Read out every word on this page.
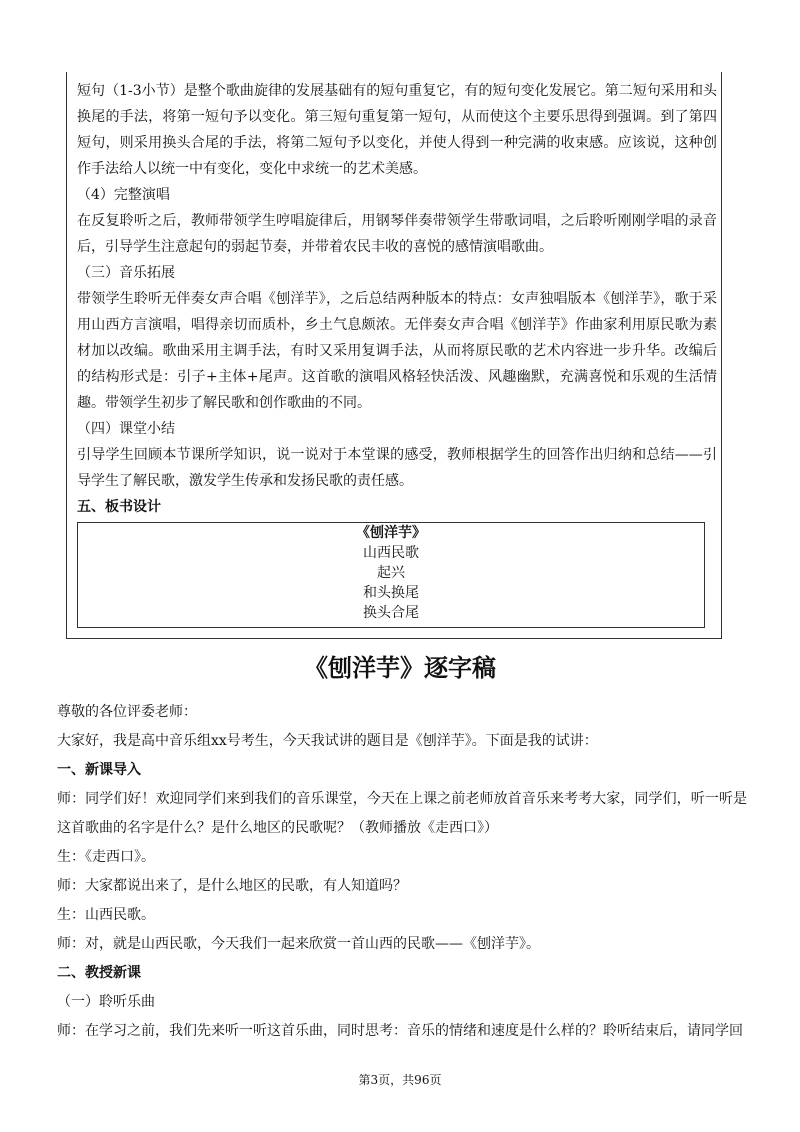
短句（1-3小节）是整个歌曲旋律的发展基础有的短句重复它，有的短句变化发展它。第二短句采用和头换尾的手法，将第一短句予以变化。第三短句重复第一短句，从而使这个主要乐思得到强调。到了第四短句，则采用换头合尾的手法，将第二短句予以变化，并使人得到一种完满的收束感。应该说，这种创作手法给人以统一中有变化，变化中求统一的艺术美感。

（4）完整演唱

在反复聆听之后，教师带领学生哼唱旋律后，用钢琴伴奏带领学生带歌词唱，之后聆听刚刚学唱的录音后，引导学生注意起句的弱起节奏，并带着农民丰收的喜悦的感情演唱歌曲。

（三）音乐拓展

带领学生聆听无伴奏女声合唱《刨洋芋》，之后总结两种版本的特点：女声独唱版本《刨洋芋》，歌于采用山西方言演唱，唱得亲切而质朴，乡土气息颇浓。无伴奏女声合唱《刨洋芋》作曲家利用原民歌为素材加以改编。歌曲采用主调手法，有时又采用复调手法，从而将原民歌的艺术内容进一步升华。改编后的结构形式是：引子+主体+尾声。这首歌的演唱风格轻快活泼、风趣幽默，充满喜悦和乐观的生活情趣。带领学生初步了解民歌和创作歌曲的不同。

（四）课堂小结

引导学生回顾本节课所学知识，说一说对于本堂课的感受，教师根据学生的回答作出归纳和总结——引导学生了解民歌，激发学生传承和发扬民歌的责任感。

五、板书设计

《刨洋芋》
山西民歌
起兴
和头换尾
换头合尾
《刨洋芋》逐字稿

尊敬的各位评委老师：

大家好，我是高中音乐组xx号考生，今天我试讲的题目是《刨洋芋》。下面是我的试讲：

一、新课导入

师：同学们好！欢迎同学们来到我们的音乐课堂，今天在上课之前老师放首音乐来考考大家，同学们，听一听是这首歌曲的名字是什么？是什么地区的民歌呢？（教师播放《走西口》）

生：《走西口》。

师：大家都说出来了，是什么地区的民歌，有人知道吗？

生：山西民歌。

师：对，就是山西民歌，今天我们一起来欣赏一首山西的民歌——《刨洋芋》。

二、教授新课

（一）聆听乐曲

师：在学习之前，我们先来听一听这首乐曲，同时思考：音乐的情绪和速度是什么样的？聆听结束后，请同学回

第3页，共96页
